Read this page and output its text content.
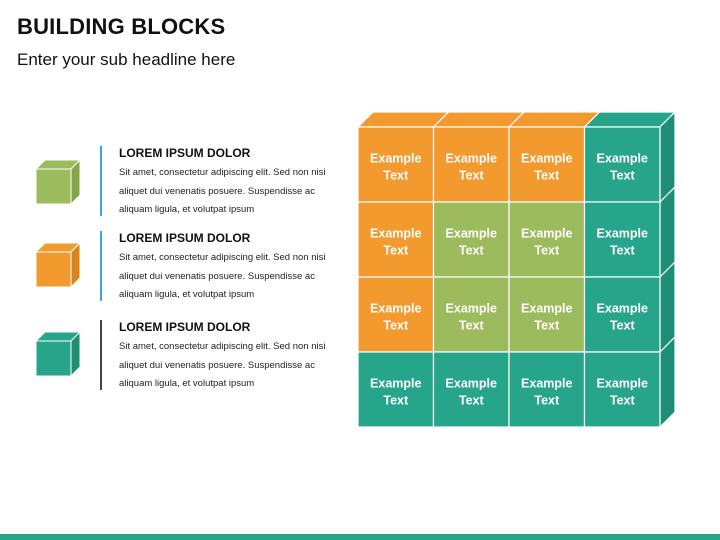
BUILDING BLOCKS
Enter your sub headline here
LOREM IPSUM DOLOR
Sit amet, consectetur adipiscing elit. Sed non nisi
aliquet dui venenatis posuere. Suspendisse ac
aliquam ligula, et volutpat ipsum
LOREM IPSUM DOLOR
Sit amet, consectetur adipiscing elit. Sed non nisi
aliquet dui venenatis posuere. Suspendisse ac
aliquam ligula, et volutpat ipsum
LOREM IPSUM DOLOR
Sit amet, consectetur adipiscing elit. Sed non nisi
aliquet dui venenatis posuere. Suspendisse ac
aliquam ligula, et volutpat ipsum
Example Text
Example Text
Example Text
Example Text
Example Text
Example Text
Example Text
Example Text
Example Text
Example Text
Example Text
Example Text
Example Text
Example Text
Example Text
Example Text
